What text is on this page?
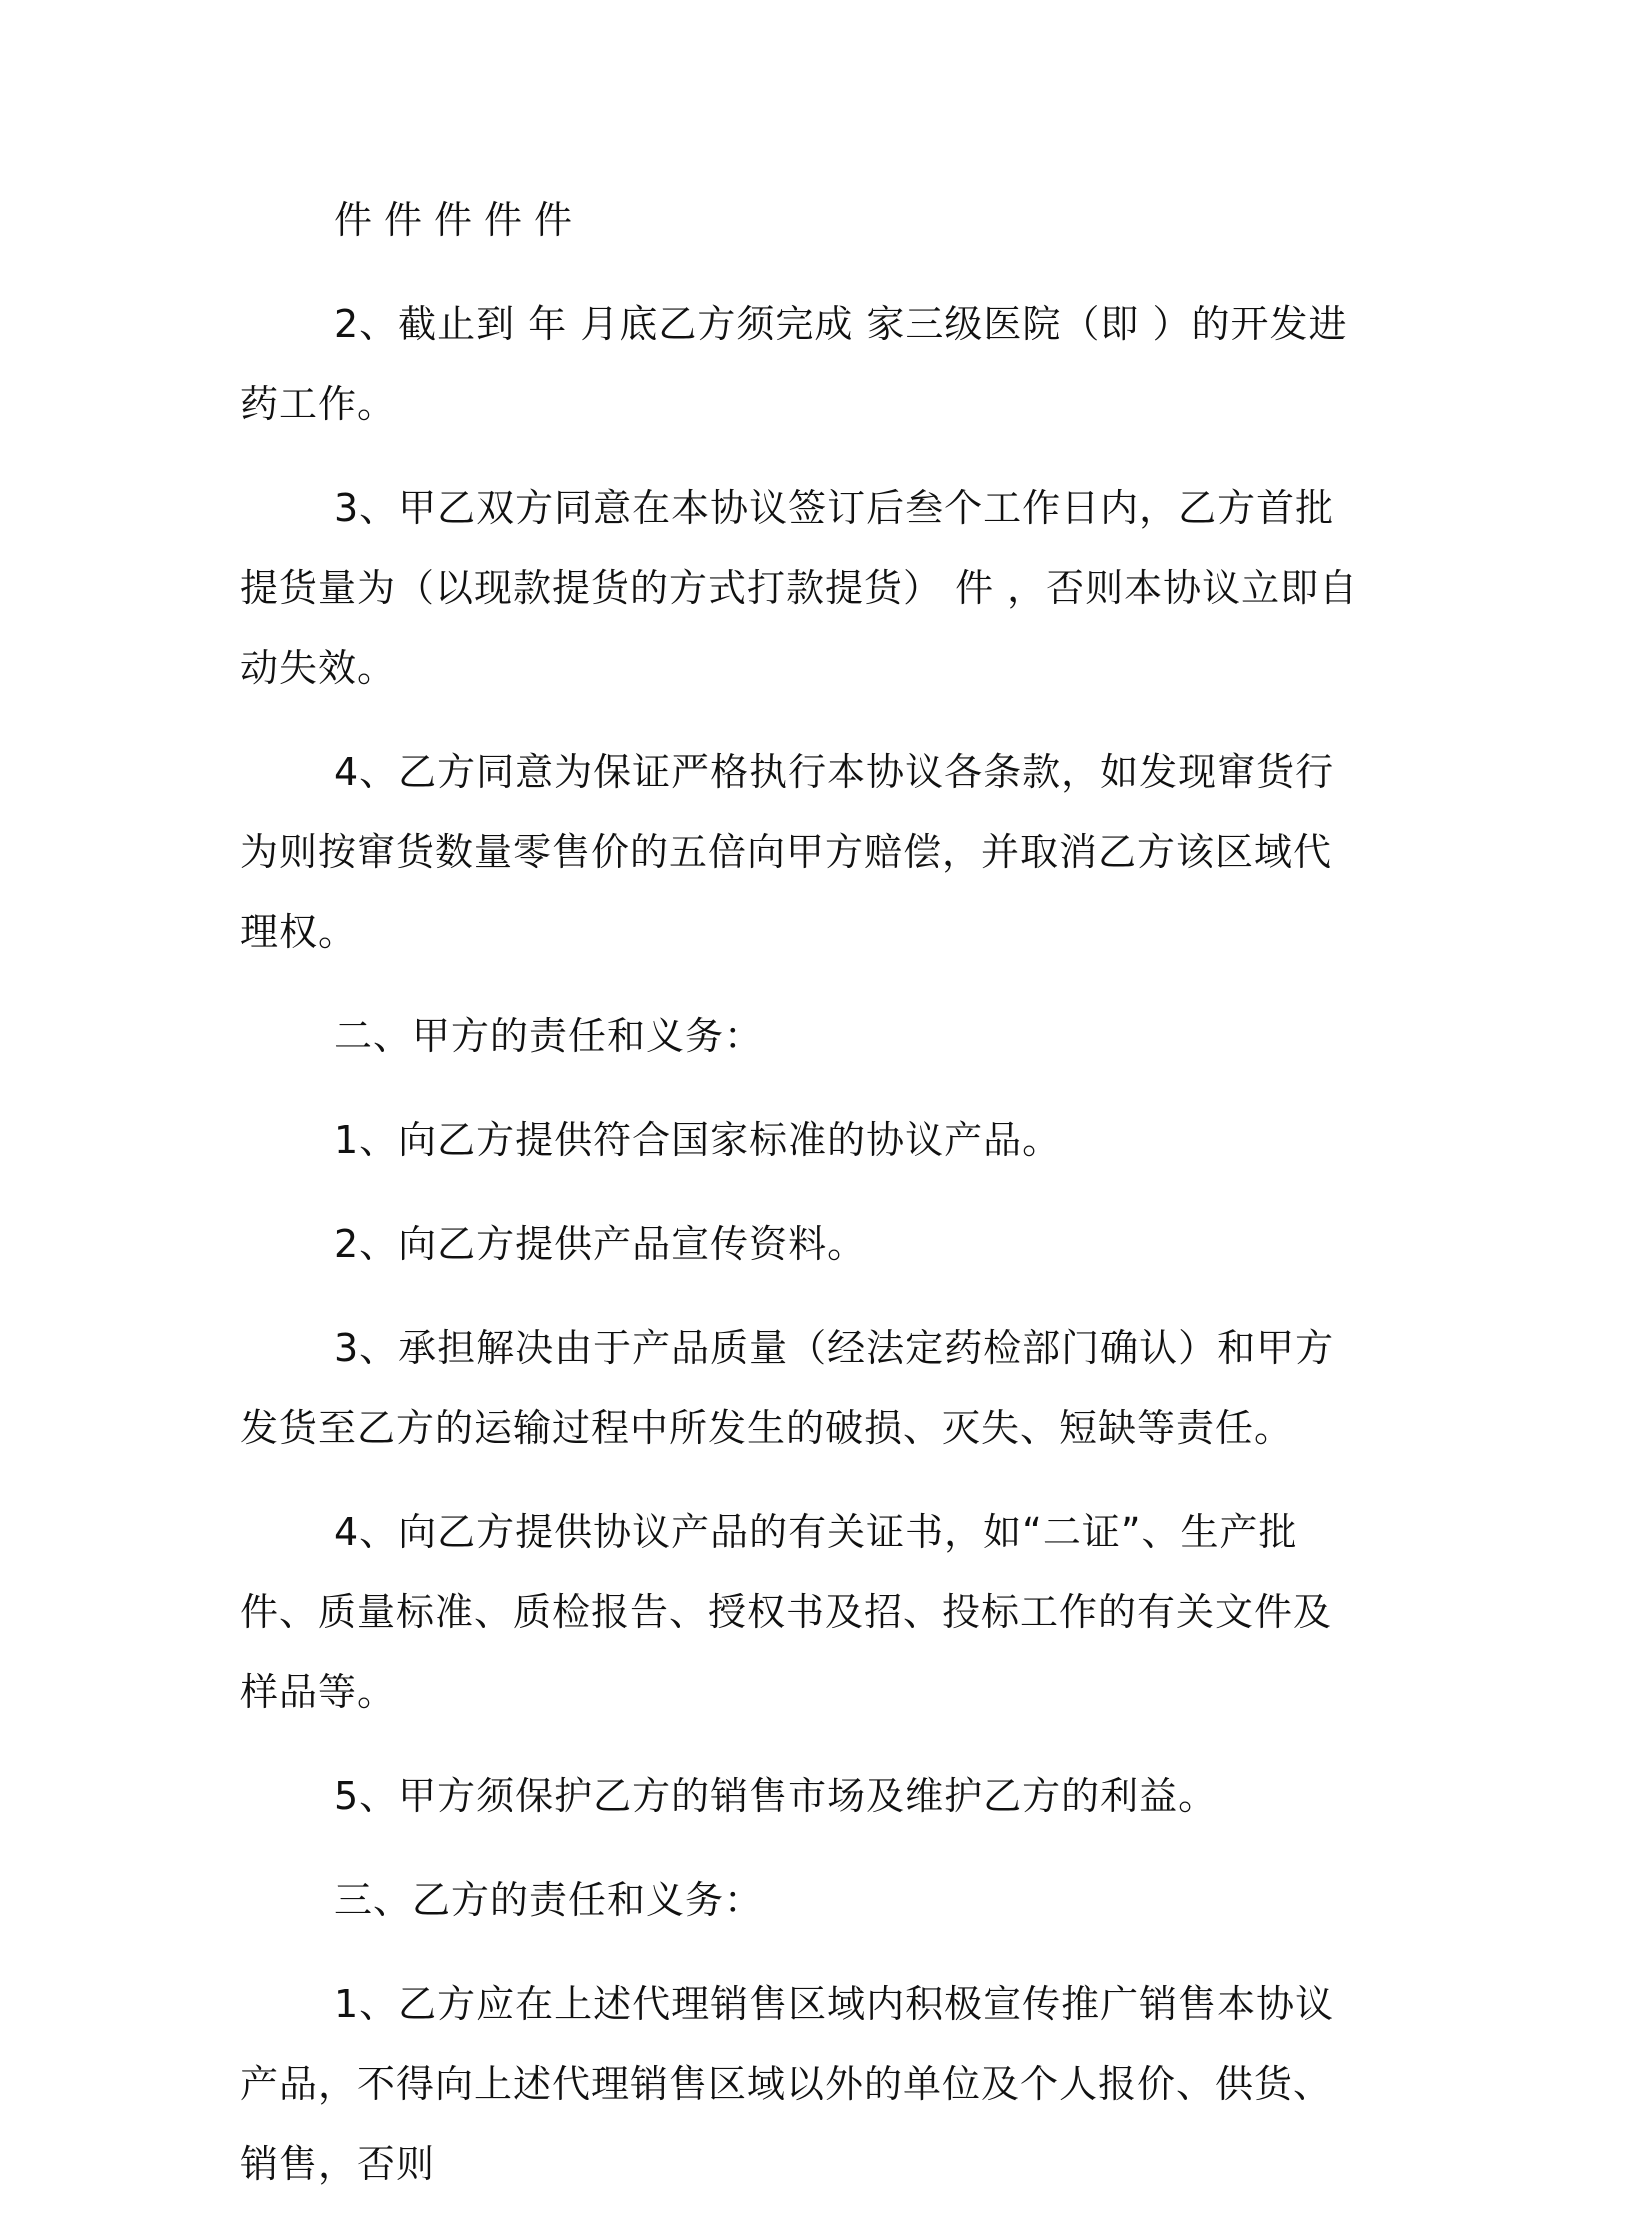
件件件件件

2、截止到 年 月底乙方须完成 家三级医院（即 ）的开发进药工作。

3、甲乙双方同意在本协议签订后叁个工作日内，乙方首批提货量为（以现款提货的方式打款提货） 件 ，否则本协议立即自动失效。

4、乙方同意为保证严格执行本协议各条款，如发现窜货行为则按窜货数量零售价的五倍向甲方赔偿，并取消乙方该区域代理权。

二、甲方的责任和义务：

1、向乙方提供符合国家标准的协议产品。

2、向乙方提供产品宣传资料。

3、承担解决由于产品质量（经法定药检部门确认）和甲方发货至乙方的运输过程中所发生的破损、灭失、短缺等责任。

4、向乙方提供协议产品的有关证书，如“二证”、生产批件、质量标准、质检报告、授权书及招、投标工作的有关文件及样品等。

5、甲方须保护乙方的销售市场及维护乙方的利益。

三、乙方的责任和义务：

1、乙方应在上述代理销售区域内积极宣传推广销售本协议产品，不得向上述代理销售区域以外的单位及个人报价、供货、销售，否则
